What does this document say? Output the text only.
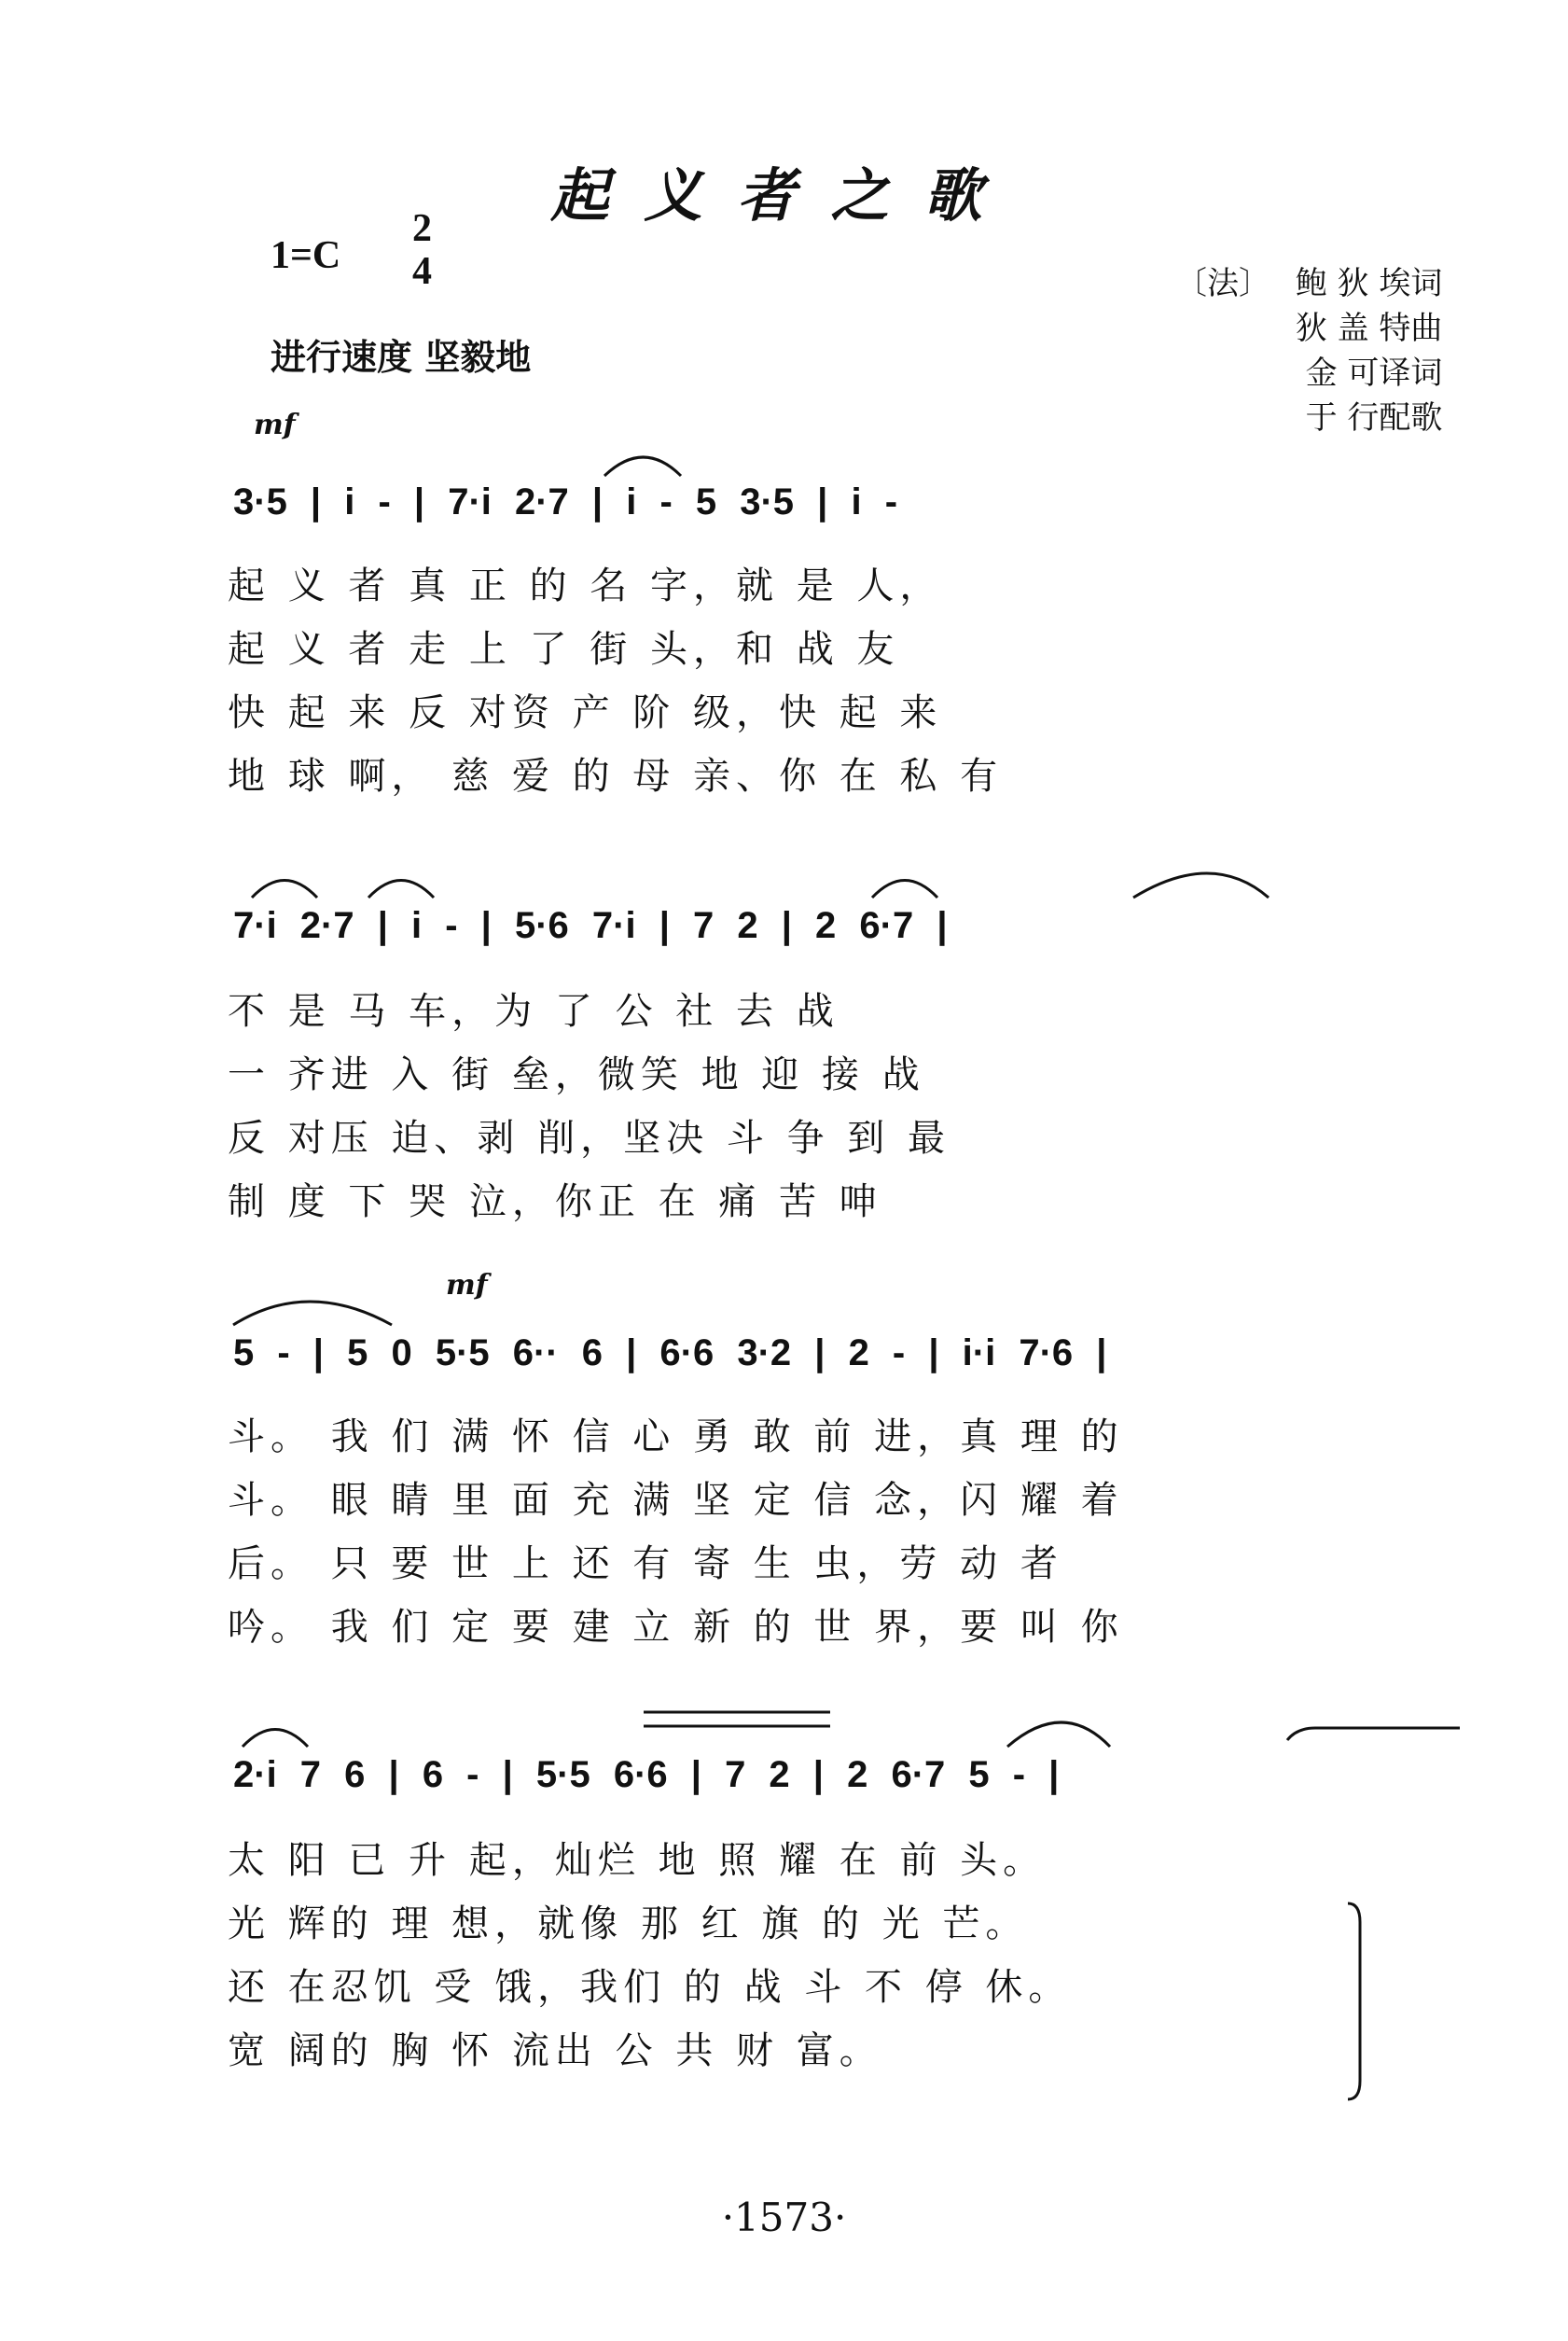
起义者之歌
1=C
2
4
进行速度 坚毅地
〔法〕 鲍 狄 埃词
狄 盖 特曲
金 可译词
于 行配歌
mf
mf
3·5 | i - | 7·i 2·7 | i - 5 3·5 | i -
起 义 者 真 正 的 名 字，就 是 人，
起 义 者 走 上 了 街 头，和 战 友
快 起 来 反 对资 产 阶 级，快 起 来
地 球 啊， 慈 爱 的 母 亲、你 在 私 有
7·i 2·7 | i - | 5·6 7·i | 7 2 | 2 6·7 |
不 是 马 车，为 了 公 社 去 战
一 齐进 入 街 垒，微笑 地 迎 接 战
反 对压 迫、剥 削，坚决 斗 争 到 最
制 度 下 哭 泣，你正 在 痛 苦 呻
5 - | 5 0 5·5 6·· 6 | 6·6 3·2 | 2 - | i·i 7·6 |
斗。 我 们 满 怀 信 心 勇 敢 前 进，真 理 的
斗。 眼 睛 里 面 充 满 坚 定 信 念，闪 耀 着
后。 只 要 世 上 还 有 寄 生 虫，劳 动 者
吟。 我 们 定 要 建 立 新 的 世 界，要 叫 你
2·i 7 6 | 6 - | 5·5 6·6 | 7 2 | 2 6·7 5 - |
太 阳 已 升 起，灿烂 地 照 耀 在 前 头。
光 辉的 理 想，就像 那 红 旗 的 光 芒。
还 在忍饥 受 饿，我们 的 战 斗 不 停 休。
宽 阔的 胸 怀 流出 公 共 财 富。
·1573·
